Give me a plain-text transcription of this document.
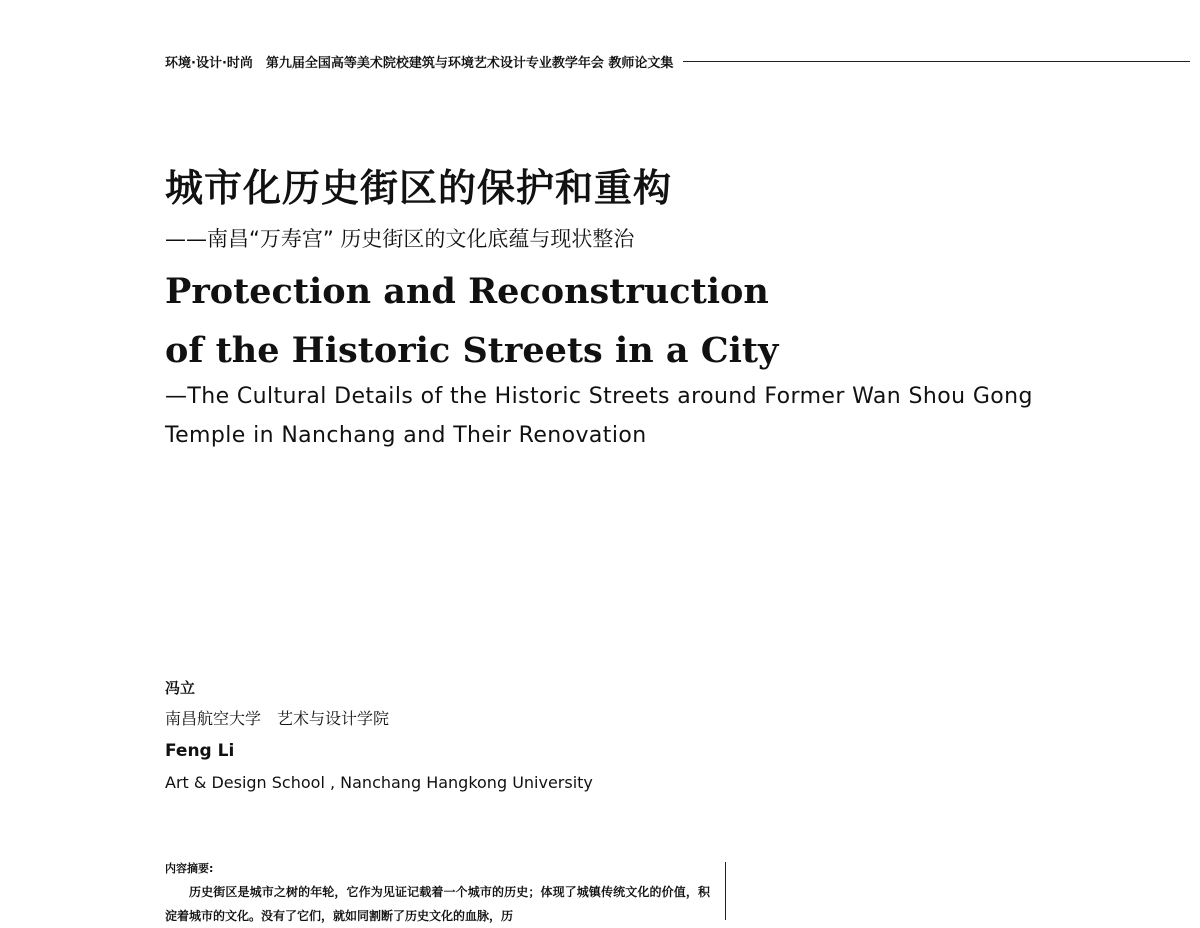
环境·设计·时尚　第九届全国高等美术院校建筑与环境艺术设计专业教学年会 教师论文集
城市化历史街区的保护和重构
——南昌“万寿宫” 历史街区的文化底蕴与现状整治
Protection and Reconstruction
of the Historic Streets in a City
—The Cultural Details of the Historic Streets around Former Wan Shou Gong Temple in Nanchang and Their Renovation
冯立
南昌航空大学　艺术与设计学院
Feng Li
Art & Design School , Nanchang Hangkong University
内容摘要:
历史街区是城市之树的年轮，它作为见证记载着一个城市的历史；体现了城镇传统文化的价值，积淀着城市的文化。没有了它们，就如同割断了历史文化的血脉，历
